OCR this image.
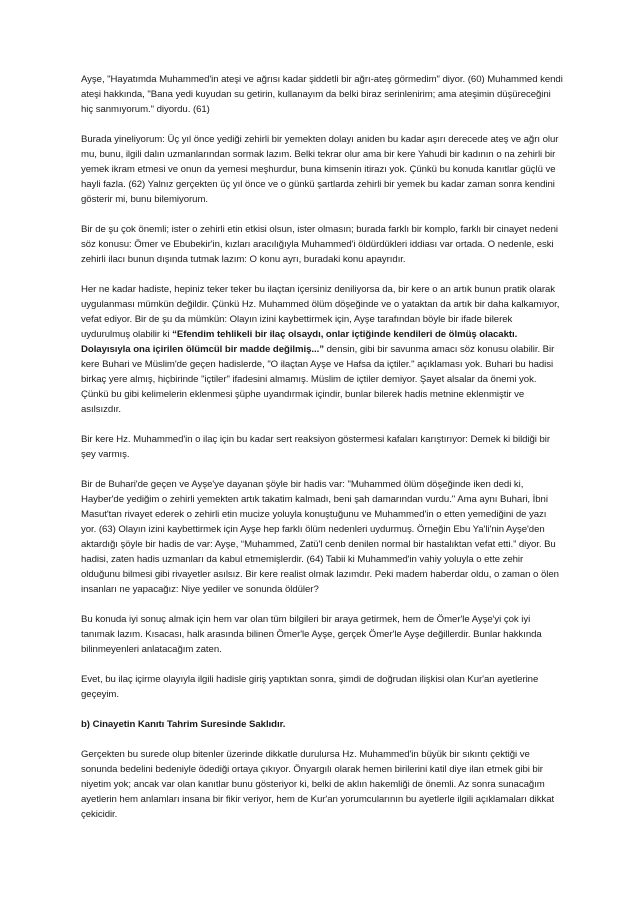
Ayşe, "Hayatımda Muhammed'in ateşi ve ağrısı kadar şiddetli bir ağrı-ateş görmedim" diyor. (60) Muhammed kendi ateşi hakkında, "Bana yedi kuyudan su getirin, kullanayım da belki biraz serinlenirim; ama ateşimin düşüreceğini hiç sanmıyorum." diyordu. (61)

Burada yineliyorum: Üç yıl önce yediği zehirli bir yemekten dolayı aniden bu kadar aşırı derecede ateş ve ağrı olur mu, bunu, ilgili dalın uzmanlarından sormak lazım. Belki tekrar olur ama bir kere Yahudi bir kadının o na zehirli bir yemek ikram etmesi ve onun da yemesi meşhurdur, buna kimsenin itirazı yok. Çünkü bu konuda kanıtlar güçlü ve hayli fazla. (62) Yalnız gerçekten üç yıl önce ve o günkü şartlarda zehirli bir yemek bu kadar zaman sonra kendini gösterir mi, bunu bilemiyorum.

Bir de şu çok önemli; ister o zehirli etin etkisi olsun, ister olmasın; burada farklı bir komplo, farklı bir cinayet nedeni söz konusu: Ömer ve Ebubekir'in, kızları aracılığıyla Muhammed'i öldürdükleri iddiası var ortada. O nedenle, eski zehirli ilacı bunun dışında tutmak lazım: O konu ayrı, buradaki konu apayrıdır.

Her ne kadar hadiste, hepiniz teker teker bu ilaçtan içersiniz deniliyorsa da, bir kere o an artık bunun pratik olarak uygulanması mümkün değildir. Çünkü Hz. Muhammed ölüm döşeğinde ve o yataktan da artık bir daha kalkamıyor, vefat ediyor. Bir de şu da mümkün: Olayın izini kaybettirmek için, Ayşe tarafından böyle bir ifade bilerek uydurulmuş olabilir ki “Efendim tehlikeli bir ilaç olsaydı, onlar içtiğinde kendileri de ölmüş olacaktı. Dolayısıyla ona içirilen ölümcül bir madde değilmiş...” densin, gibi bir savunma amacı söz konusu olabilir. Bir kere Buhari ve Müslim'de geçen hadislerde, "O ilaçtan Ayşe ve Hafsa da içtiler." açıklaması yok. Buhari bu hadisi birkaç yere almış, hiçbirinde "içtiler" ifadesini almamış. Müslim de içtiler demiyor. Şayet alsalar da önemi yok. Çünkü bu gibi kelimelerin eklenmesi şüphe uyandırmak içindir, bunlar bilerek hadis metnine eklenmiştir ve asılsızdır.

Bir kere Hz. Muhammed'in o ilaç için bu kadar sert reaksiyon göstermesi kafaları karıştırıyor: Demek ki bildiği bir şey varmış.

Bir de Buhari'de geçen ve Ayşe'ye dayanan şöyle bir hadis var: "Muhammed ölüm döşeğinde iken dedi ki, Hayber'de yediğim o zehirli yemekten artık takatim kalmadı, beni şah damarından vurdu." Ama aynı Buhari, İbni Masut'tan rivayet ederek o zehirli etin mucize yoluyla konuştuğunu ve Muhammed'in o etten yemediğini de yazı yor. (63) Olayın izini kaybettirmek için Ayşe hep farklı ölüm nedenleri uydurmuş. Örneğin Ebu Ya'li'nin Ayşe'den aktardığı şöyle bir hadis de var: Ayşe, “Muhammed, Zatü'l cenb denilen normal bir hastalıktan vefat etti.” diyor. Bu hadisi, zaten hadis uzmanları da kabul etmemişlerdir. (64) Tabii ki Muhammed'in vahiy yoluyla o ette zehir olduğunu bilmesi gibi rivayetler asılsız. Bir kere realist olmak lazımdır. Peki madem haberdar oldu, o zaman o ölen insanları ne yapacağız: Niye yediler ve sonunda öldüler?

Bu konuda iyi sonuç almak için hem var olan tüm bilgileri bir araya getirmek, hem de Ömer'le Ayşe'yi çok iyi tanımak lazım. Kısacası, halk arasında bilinen Ömer'le Ayşe, gerçek Ömer'le Ayşe değillerdir. Bunlar hakkında bilinmeyenleri anlatacağım zaten.

Evet, bu ilaç içirme olayıyla ilgili hadisle giriş yaptıktan sonra, şimdi de doğrudan ilişkisi olan Kur'an ayetlerine geçeyim.

b) Cinayetin Kanıtı Tahrim Suresinde Saklıdır.

Gerçekten bu surede olup bitenler üzerinde dikkatle durulursa Hz. Muhammed'in büyük bir sıkıntı çektiği ve sonunda bedelini bedeniyle ödediği ortaya çıkıyor. Önyargılı olarak hemen birilerini katil diye ilan etmek gibi bir niyetim yok; ancak var olan kanıtlar bunu gösteriyor ki, belki de aklın hakemliği de önemli. Az sonra sunacağım ayetlerin hem anlamları insana bir fikir veriyor, hem de Kur'an yorumcularının bu ayetlerle ilgili açıklamaları dikkat çekicidir.
